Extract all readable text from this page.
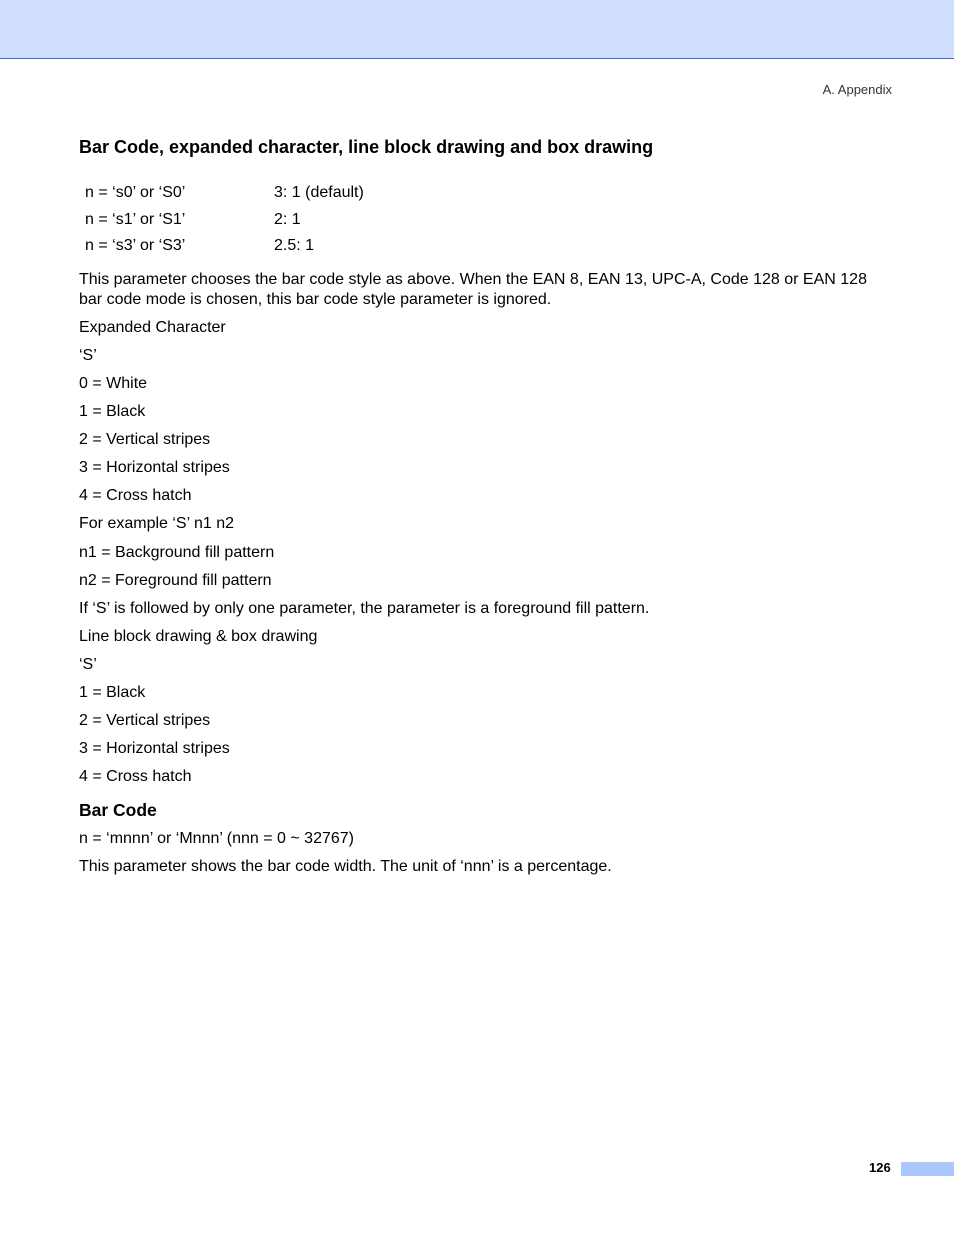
A. Appendix
Bar Code, expanded character, line block drawing and box drawing
n = ‘s0’ or ‘S0’	3: 1 (default)
n = ‘s1’ or ‘S1’	2: 1
n = ‘s3’ or ‘S3’	2.5: 1

This parameter chooses the bar code style as above. When the EAN 8, EAN 13, UPC-A, Code 128 or EAN 128 bar code mode is chosen, this bar code style parameter is ignored.

Expanded Character
‘S’
0 = White
1 = Black
2 = Vertical stripes
3 = Horizontal stripes
4 = Cross hatch
For example ‘S’ n1 n2
n1 = Background fill pattern
n2 = Foreground fill pattern
If ‘S’ is followed by only one parameter, the parameter is a foreground fill pattern.
Line block drawing & box drawing
‘S’
1 = Black
2 = Vertical stripes
3 = Horizontal stripes
4 = Cross hatch
Bar Code
n = ‘mnnn’ or ‘Mnnn’ (nnn = 0 ~ 32767)
This parameter shows the bar code width. The unit of ‘nnn’ is a percentage.
126
